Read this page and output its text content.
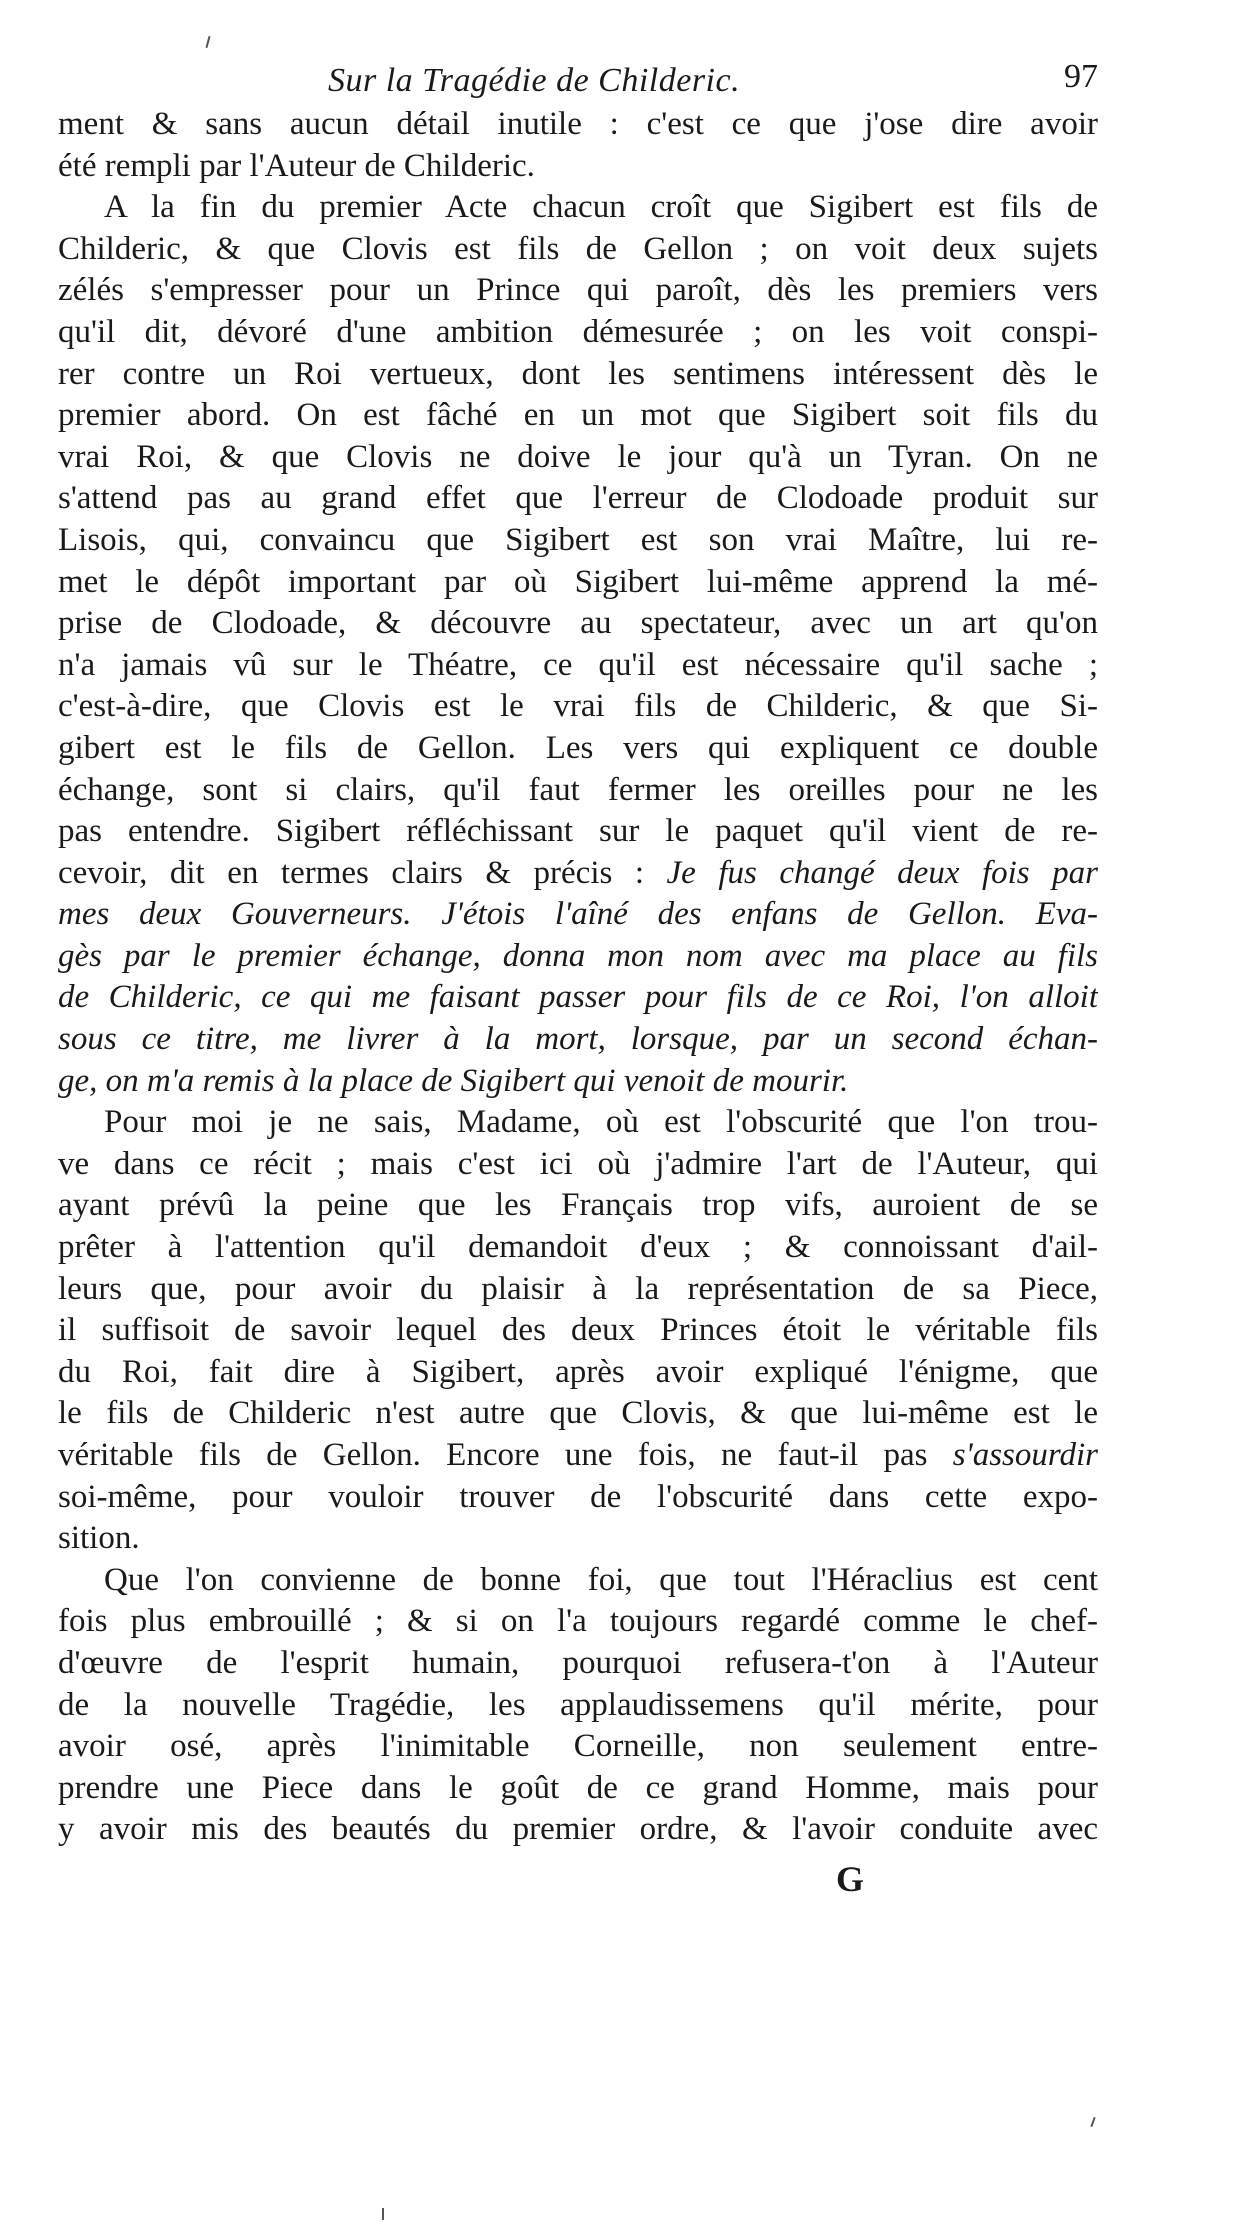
Sur la Tragédie de Childeric.	97
ment & sans aucun détail inutile : c'est ce que j'ose dire avoir
été rempli par l'Auteur de Childeric.
A la fin du premier Acte chacun croît que Sigibert est fils de
Childeric, & que Clovis est fils de Gellon ; on voit deux sujets
zélés s'empresser pour un Prince qui paroît, dès les premiers vers
qu'il dit, dévoré d'une ambition démesurée ; on les voit conspi-
rer contre un Roi vertueux, dont les sentimens intéressent dès le
premier abord. On est fâché en un mot que Sigibert soit fils du
vrai Roi, & que Clovis ne doive le jour qu'à un Tyran. On ne
s'attend pas au grand effet que l'erreur de Clodoade produit sur
Lisois, qui, convaincu que Sigibert est son vrai Maître, lui re-
met le dépôt important par où Sigibert lui-même apprend la mé-
prise de Clodoade, & découvre au spectateur, avec un art qu'on
n'a jamais vû sur le Théatre, ce qu'il est nécessaire qu'il sache ;
c'est-à-dire, que Clovis est le vrai fils de Childeric, & que Si-
gibert est le fils de Gellon. Les vers qui expliquent ce double
échange, sont si clairs, qu'il faut fermer les oreilles pour ne les
pas entendre. Sigibert réfléchissant sur le paquet qu'il vient de re-
cevoir, dit en termes clairs & précis : Je fus changé deux fois par
mes deux Gouverneurs. J'étois l'aîné des enfans de Gellon. Eva-
gès par le premier échange, donna mon nom avec ma place au fils
de Childeric, ce qui me faisant passer pour fils de ce Roi, l'on alloit
sous ce titre, me livrer à la mort, lorsque, par un second échan-
ge, on m'a remis à la place de Sigibert qui venoit de mourir.
Pour moi je ne sais, Madame, où est l'obscurité que l'on trou-
ve dans ce récit ; mais c'est ici où j'admire l'art de l'Auteur, qui
ayant prévû la peine que les Français trop vifs, auroient de se
prêter à l'attention qu'il demandoit d'eux ; & connoissant d'ail-
leurs que, pour avoir du plaisir à la représentation de sa Piece,
il suffisoit de savoir lequel des deux Princes étoit le véritable fils
du Roi, fait dire à Sigibert, après avoir expliqué l'énigme, que
le fils de Childeric n'est autre que Clovis, & que lui-même est le
véritable fils de Gellon. Encore une fois, ne faut-il pas s'assourdir
soi-même, pour vouloir trouver de l'obscurité dans cette expo-
sition.
Que l'on convienne de bonne foi, que tout l'Héraclius est cent
fois plus embrouillé ; & si on l'a toujours regardé comme le chef-
d'œuvre de l'esprit humain, pourquoi refusera-t'on à l'Auteur
de la nouvelle Tragédie, les applaudissemens qu'il mérite, pour
avoir osé, après l'inimitable Corneille, non seulement entre-
prendre une Piece dans le goût de ce grand Homme, mais pour
y avoir mis des beautés du premier ordre, & l'avoir conduite avec
G
